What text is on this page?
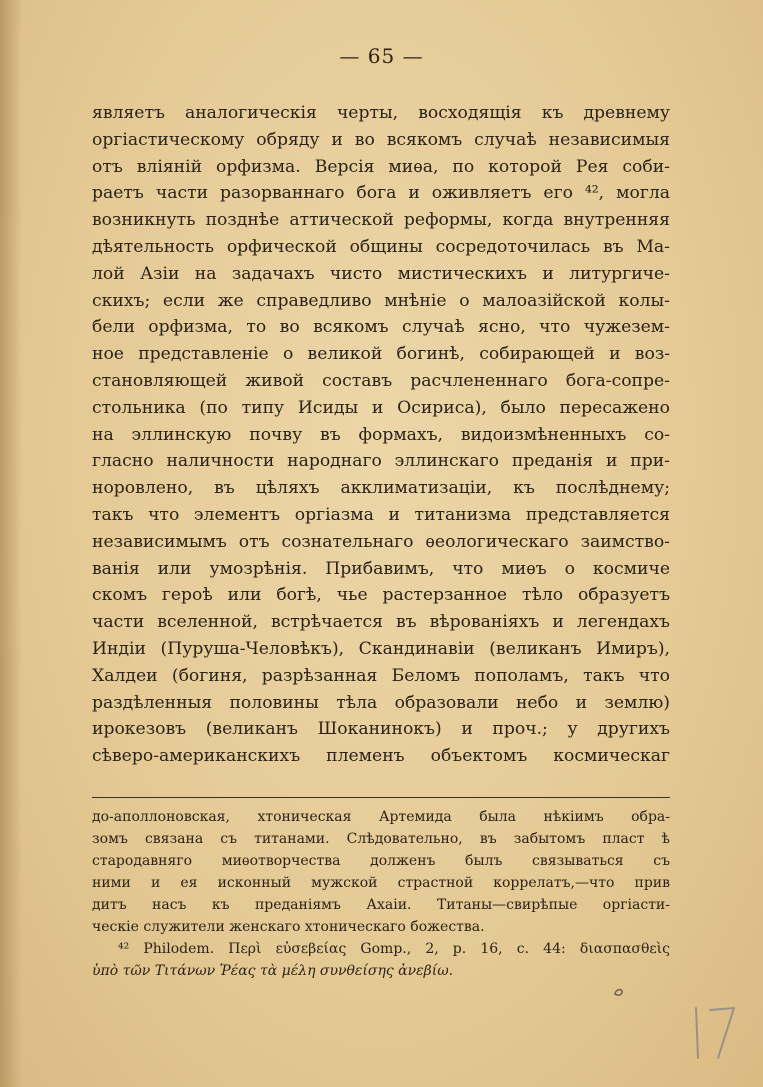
— 65 —
являетъ аналогическія черты, восходящія къ древнему
оргіастическому обряду и во всякомъ случаѣ независимыя
отъ вліяній орфизма. Версія миѳа, по которой Рея соби-
раетъ части разорваннаго бога и оживляетъ его ⁴², могла
возникнуть позднѣе аттической реформы, когда внутренняя
дѣятельность орфической общины сосредоточилась въ Ма-
лой Азіи на задачахъ чисто мистическихъ и литургиче-
скихъ; если же справедливо мнѣніе о малоазійской колы-
бели орфизма, то во всякомъ случаѣ ясно, что чужезем-
ное представленіе о великой богинѣ, собирающей и воз-
становляющей живой составъ расчлененнаго бога-сопре-
стольника (по типу Исиды и Осириса), было пересажено
на эллинскую почву въ формахъ, видоизмѣненныхъ со-
гласно наличности народнаго эллинскаго преданія и при-
норовлено, въ цѣляхъ акклиматизаціи, къ послѣднему;
такъ что элементъ оргіазма и титанизма представляется
независимымъ отъ сознательнаго ѳеологическаго заимство-
ванія или умозрѣнія. Прибавимъ, что миѳъ о космиче
скомъ героѣ или богѣ, чье растерзанное тѣло образуетъ
части вселенной, встрѣчается въ вѣрованіяхъ и легендахъ
Индіи (Пуруша-Человѣкъ), Скандинавіи (великанъ Имиръ),
Халдеи (богиня, разрѣзанная Беломъ пополамъ, такъ что
раздѣленныя половины тѣла образовали небо и землю)
ирокезовъ (великанъ Шоканинокъ) и проч.; у другихъ
сѣверо-американскихъ племенъ объектомъ космическаг
до-аполлоновская, хтоническая Артемида была нѣкіимъ обра-
зомъ связана съ титанами. Слѣдовательно, въ забытомъ пласт ѣ
стародавняго миѳотворчества долженъ былъ связываться съ
ними и ея исконный мужской страстной коррелатъ,—что прив
дитъ насъ къ преданіямъ Ахаіи. Титаны—свирѣпые оргіасти-
ческіе служители женскаго хтоническаго божества.
⁴² Philodem. Περὶ εὐσεβείας Gomp., 2, p. 16, c. 44: διασπασθεὶς
ὑπὸ τῶν Τιτάνων Ῥέας τὰ μέλη συνθείσης ἀνεβίω.
